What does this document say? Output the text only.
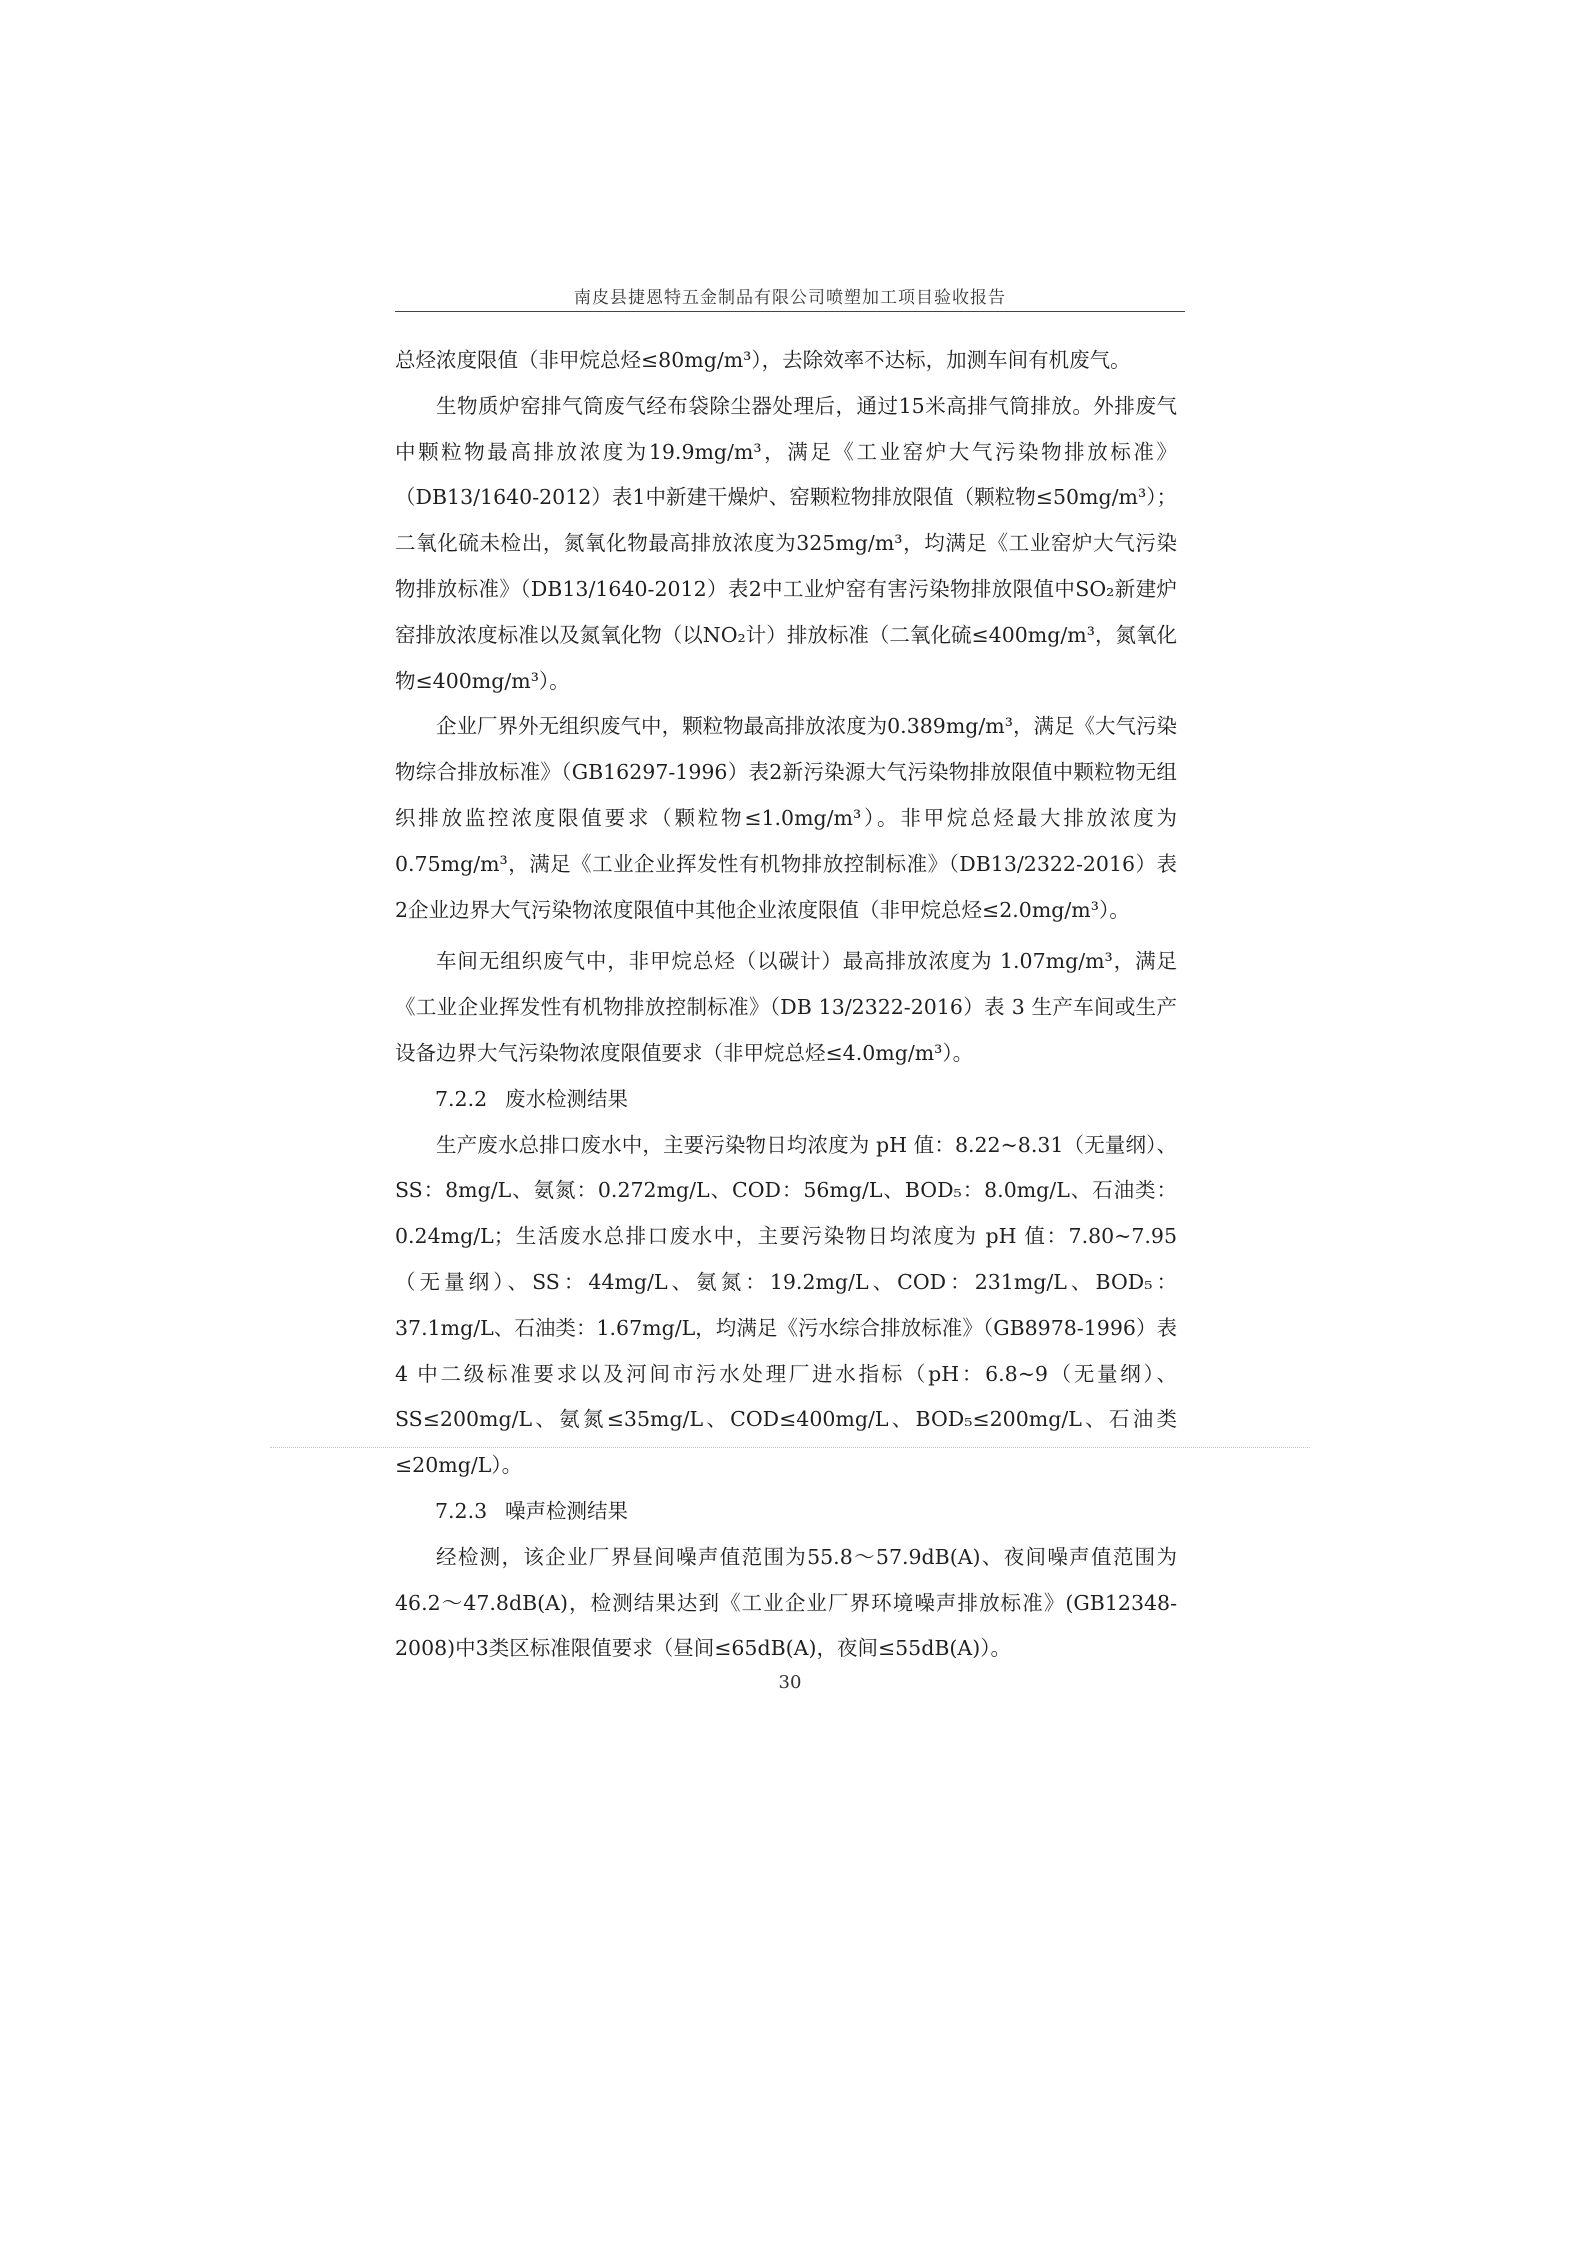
南皮县捷恩特五金制品有限公司喷塑加工项目验收报告

总烃浓度限值（非甲烷总烃≤80mg/m³），去除效率不达标，加测车间有机废气。

生物质炉窑排气筒废气经布袋除尘器处理后，通过15米高排气筒排放。外排废气中颗粒物最高排放浓度为19.9mg/m³，满足《工业窑炉大气污染物排放标准》（DB13/1640-2012）表1中新建干燥炉、窑颗粒物排放限值（颗粒物≤50mg/m³）；二氧化硫未检出，氮氧化物最高排放浓度为325mg/m³，均满足《工业窑炉大气污染物排放标准》（DB13/1640-2012）表2中工业炉窑有害污染物排放限值中SO₂新建炉窑排放浓度标准以及氮氧化物（以NO₂计）排放标准（二氧化硫≤400mg/m³，氮氧化物≤400mg/m³）。

企业厂界外无组织废气中，颗粒物最高排放浓度为0.389mg/m³，满足《大气污染物综合排放标准》（GB16297-1996）表2新污染源大气污染物排放限值中颗粒物无组织排放监控浓度限值要求（颗粒物≤1.0mg/m³）。非甲烷总烃最大排放浓度为0.75mg/m³，满足《工业企业挥发性有机物排放控制标准》（DB13/2322-2016）表2企业边界大气污染物浓度限值中其他企业浓度限值（非甲烷总烃≤2.0mg/m³）。

车间无组织废气中，非甲烷总烃（以碳计）最高排放浓度为 1.07mg/m³，满足《工业企业挥发性有机物排放控制标准》（DB 13/2322-2016）表 3 生产车间或生产设备边界大气污染物浓度限值要求（非甲烷总烃≤4.0mg/m³）。

7.2.2 废水检测结果

生产废水总排口废水中，主要污染物日均浓度为 pH 值：8.22~8.31（无量纲）、SS：8mg/L、氨氮：0.272mg/L、COD：56mg/L、BOD₅：8.0mg/L、石油类：0.24mg/L；生活废水总排口废水中，主要污染物日均浓度为 pH 值：7.80~7.95（无量纲）、SS：44mg/L、氨氮：19.2mg/L、COD：231mg/L、BOD₅：37.1mg/L、石油类：1.67mg/L，均满足《污水综合排放标准》（GB8978-1996）表 4 中二级标准要求以及河间市污水处理厂进水指标（pH：6.8~9（无量纲）、SS≤200mg/L、氨氮≤35mg/L、COD≤400mg/L、BOD₅≤200mg/L、石油类≤20mg/L）。

7.2.3 噪声检测结果

经检测，该企业厂界昼间噪声值范围为55.8～57.9dB(A)、夜间噪声值范围为46.2～47.8dB(A)，检测结果达到《工业企业厂界环境噪声排放标准》(GB12348-2008)中3类区标准限值要求（昼间≤65dB(A)，夜间≤55dB(A)）。

30
